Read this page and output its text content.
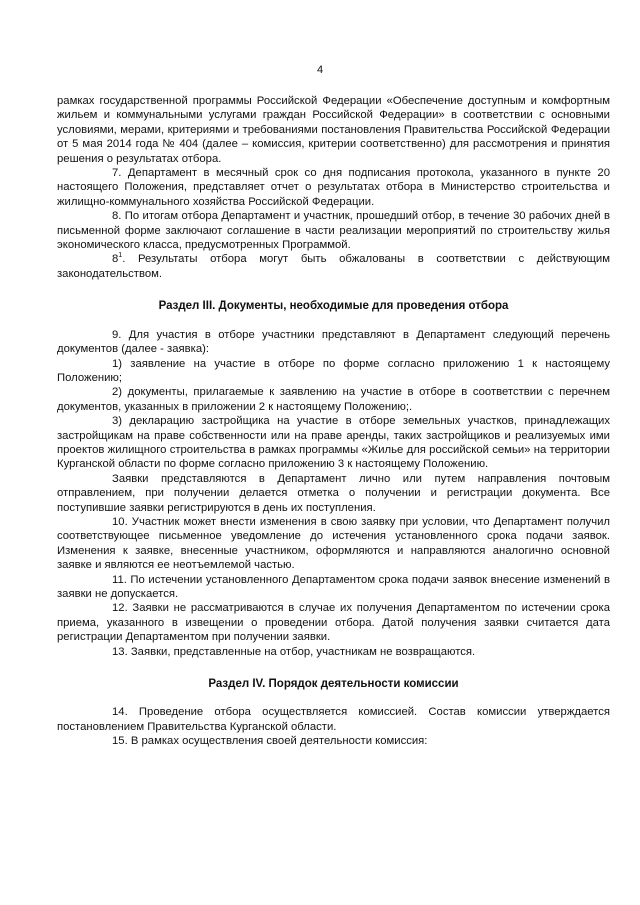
4

рамках государственной программы Российской Федерации «Обеспечение доступным и комфортным жильем и коммунальными услугами граждан Российской Федерации» в соответствии с основными условиями, мерами, критериями и требованиями постановления Правительства Российской Федерации от 5 мая 2014 года № 404 (далее – комиссия, критерии соответственно) для рассмотрения и принятия решения о результатах отбора.

7. Департамент в месячный срок со дня подписания протокола, указанного в пункте 20 настоящего Положения, представляет отчет о результатах отбора в Министерство строительства и жилищно-коммунального хозяйства Российской Федерации.

8. По итогам отбора Департамент и участник, прошедший отбор, в течение 30 рабочих дней в письменной форме заключают соглашение в части реализации мероприятий по строительству жилья экономического класса, предусмотренных Программой.

$8^1$. Результаты отбора могут быть обжалованы в соответствии с действующим законодательством.

Раздел III. Документы, необходимые для проведения отбора

9. Для участия в отборе участники представляют в Департамент следующий перечень документов (далее - заявка):

1) заявление на участие в отборе по форме согласно приложению 1 к настоящему Положению;

2) документы, прилагаемые к заявлению на участие в отборе в соответствии с перечнем документов, указанных в приложении 2 к настоящему Положению;.

3) декларацию застройщика на участие в отборе земельных участков, принадлежащих застройщикам на праве собственности или на праве аренды, таких застройщиков и реализуемых ими проектов жилищного строительства в рамках программы «Жилье для российской семьи» на территории Курганской области по форме согласно приложению 3 к настоящему Положению.

Заявки представляются в Департамент лично или путем направления почтовым отправлением, при получении делается отметка о получении и регистрации документа. Все поступившие заявки регистрируются в день их поступления.

10. Участник может внести изменения в свою заявку при условии, что Департамент получил соответствующее письменное уведомление до истечения установленного срока подачи заявок. Изменения к заявке, внесенные участником, оформляются и направляются аналогично основной заявке и являются ее неотъемлемой частью.

11. По истечении установленного Департаментом срока подачи заявок внесение изменений в заявки не допускается.

12. Заявки не рассматриваются в случае их получения Департаментом по истечении срока приема, указанного в извещении о проведении отбора. Датой получения заявки считается дата регистрации Департаментом при получении заявки.

13. Заявки, представленные на отбор, участникам не возвращаются.

Раздел IV. Порядок деятельности комиссии

14. Проведение отбора осуществляется комиссией. Состав комиссии утверждается постановлением Правительства Курганской области.

15. В рамках осуществления своей деятельности комиссия:
